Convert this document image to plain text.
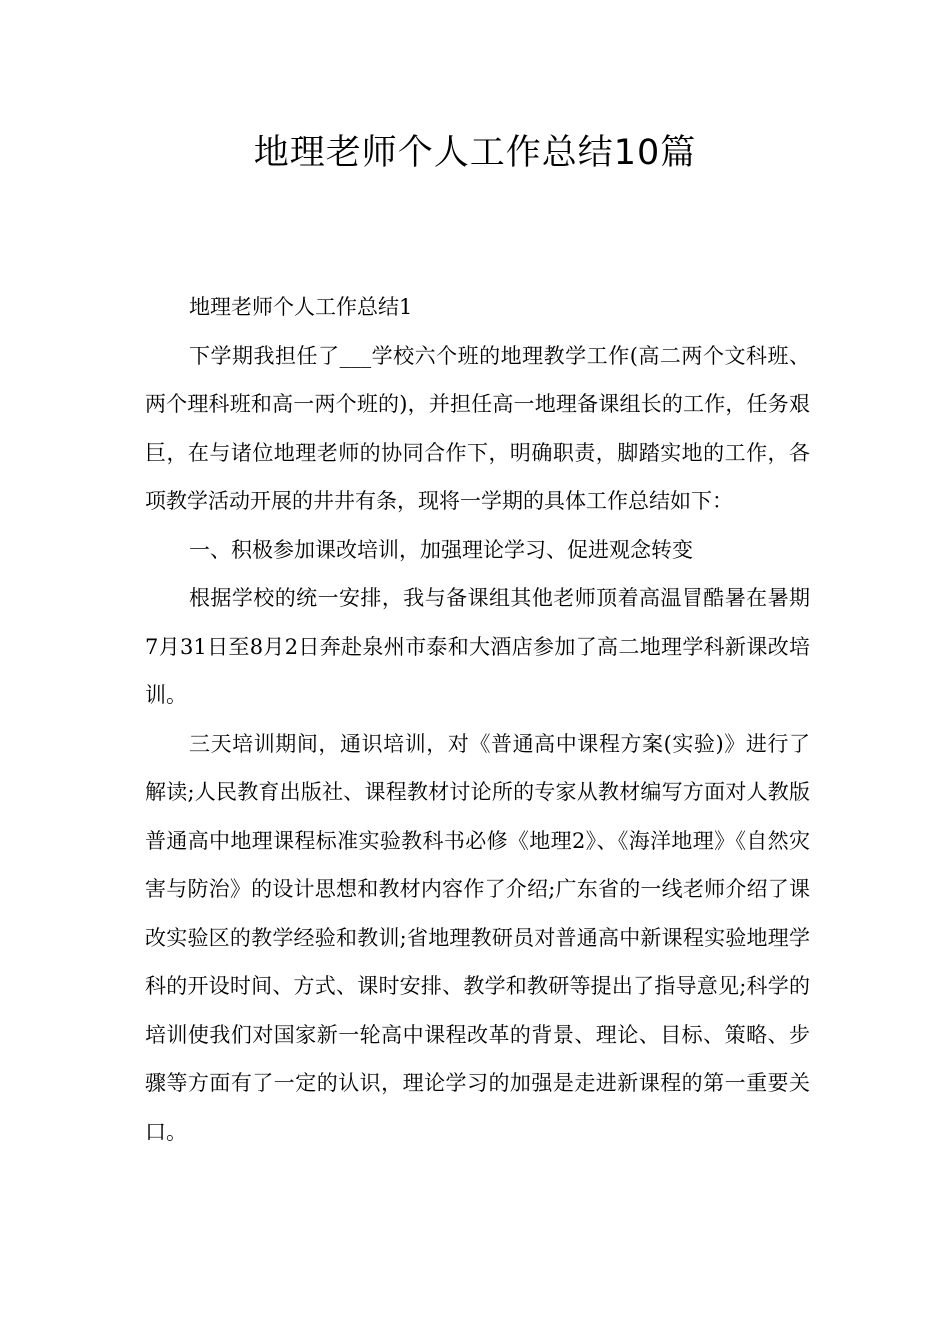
地理老师个人工作总结10篇

地理老师个人工作总结1

下学期我担任了___学校六个班的地理教学工作(高二两个文科班、两个理科班和高一两个班的)，并担任高一地理备课组长的工作，任务艰巨，在与诸位地理老师的协同合作下，明确职责，脚踏实地的工作，各项教学活动开展的井井有条，现将一学期的具体工作总结如下：

一、积极参加课改培训，加强理论学习、促进观念转变

根据学校的统一安排，我与备课组其他老师顶着高温冒酷暑在暑期7月31日至8月2日奔赴泉州市泰和大酒店参加了高二地理学科新课改培训。

三天培训期间，通识培训，对《普通高中课程方案(实验)》进行了解读;人民教育出版社、课程教材讨论所的专家从教材编写方面对人教版普通高中地理课程标准实验教科书必修《地理2》、《海洋地理》《自然灾害与防治》的设计思想和教材内容作了介绍;广东省的一线老师介绍了课改实验区的教学经验和教训;省地理教研员对普通高中新课程实验地理学科的开设时间、方式、课时安排、教学和教研等提出了指导意见;科学的培训使我们对国家新一轮高中课程改革的背景、理论、目标、策略、步骤等方面有了一定的认识，理论学习的加强是走进新课程的第一重要关口。
